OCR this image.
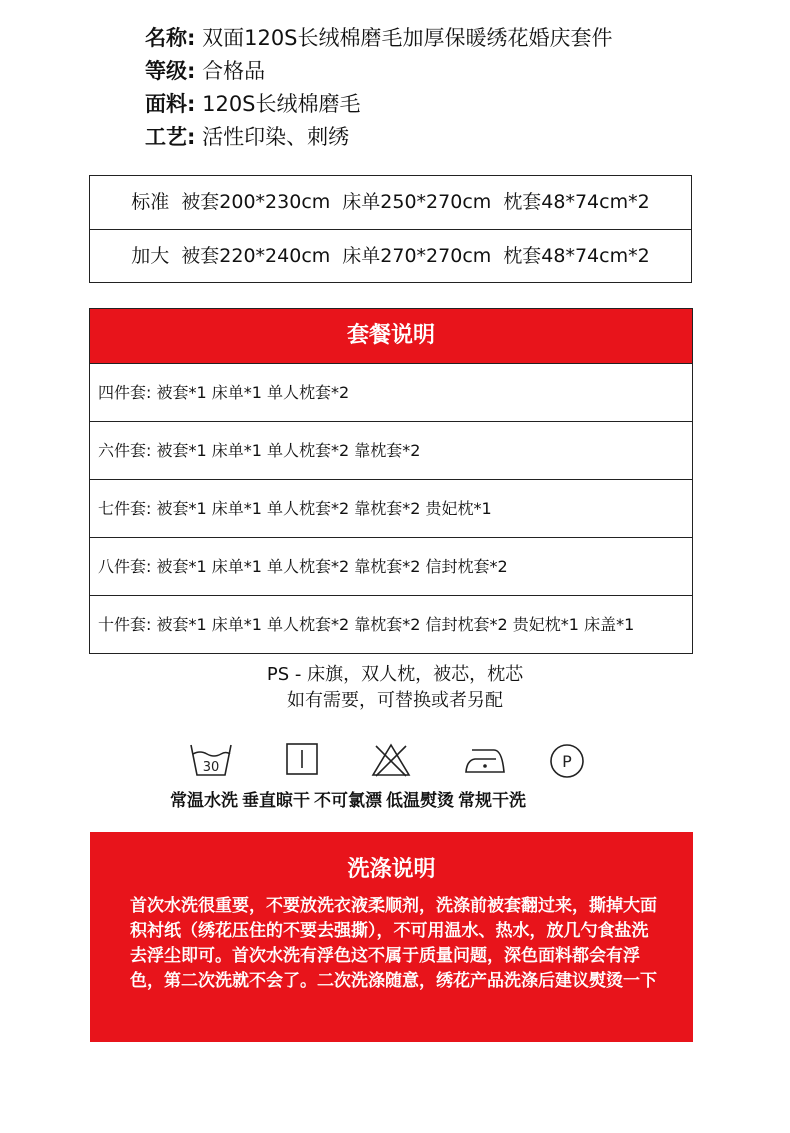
名称: 双面120S长绒棉磨毛加厚保暖绣花婚庆套件
等级: 合格品
面料: 120S长绒棉磨毛
工艺: 活性印染、刺绣
标准 被套200*230cm 床单250*270cm 枕套48*74cm*2
加大 被套220*240cm 床单270*270cm 枕套48*74cm*2
套餐说明
四件套: 被套*1 床单*1 单人枕套*2
六件套: 被套*1 床单*1 单人枕套*2 靠枕套*2
七件套: 被套*1 床单*1 单人枕套*2 靠枕套*2 贵妃枕*1
八件套: 被套*1 床单*1 单人枕套*2 靠枕套*2 信封枕套*2
十件套: 被套*1 床单*1 单人枕套*2 靠枕套*2 信封枕套*2 贵妃枕*1 床盖*1
PS - 床旗，双人枕，被芯，枕芯
如有需要，可替换或者另配
30	P
常温水洗 垂直晾干 不可氯漂 低温熨烫 常规干洗
洗涤说明
首次水洗很重要，不要放洗衣液柔顺剂，洗涤前被套翻过来，撕掉大面积衬纸（绣花压住的不要去强撕），不可用温水、热水，放几勺食盐洗去浮尘即可。首次水洗有浮色这不属于质量问题，深色面料都会有浮色，第二次洗就不会了。二次洗涤随意，绣花产品洗涤后建议熨烫一下
